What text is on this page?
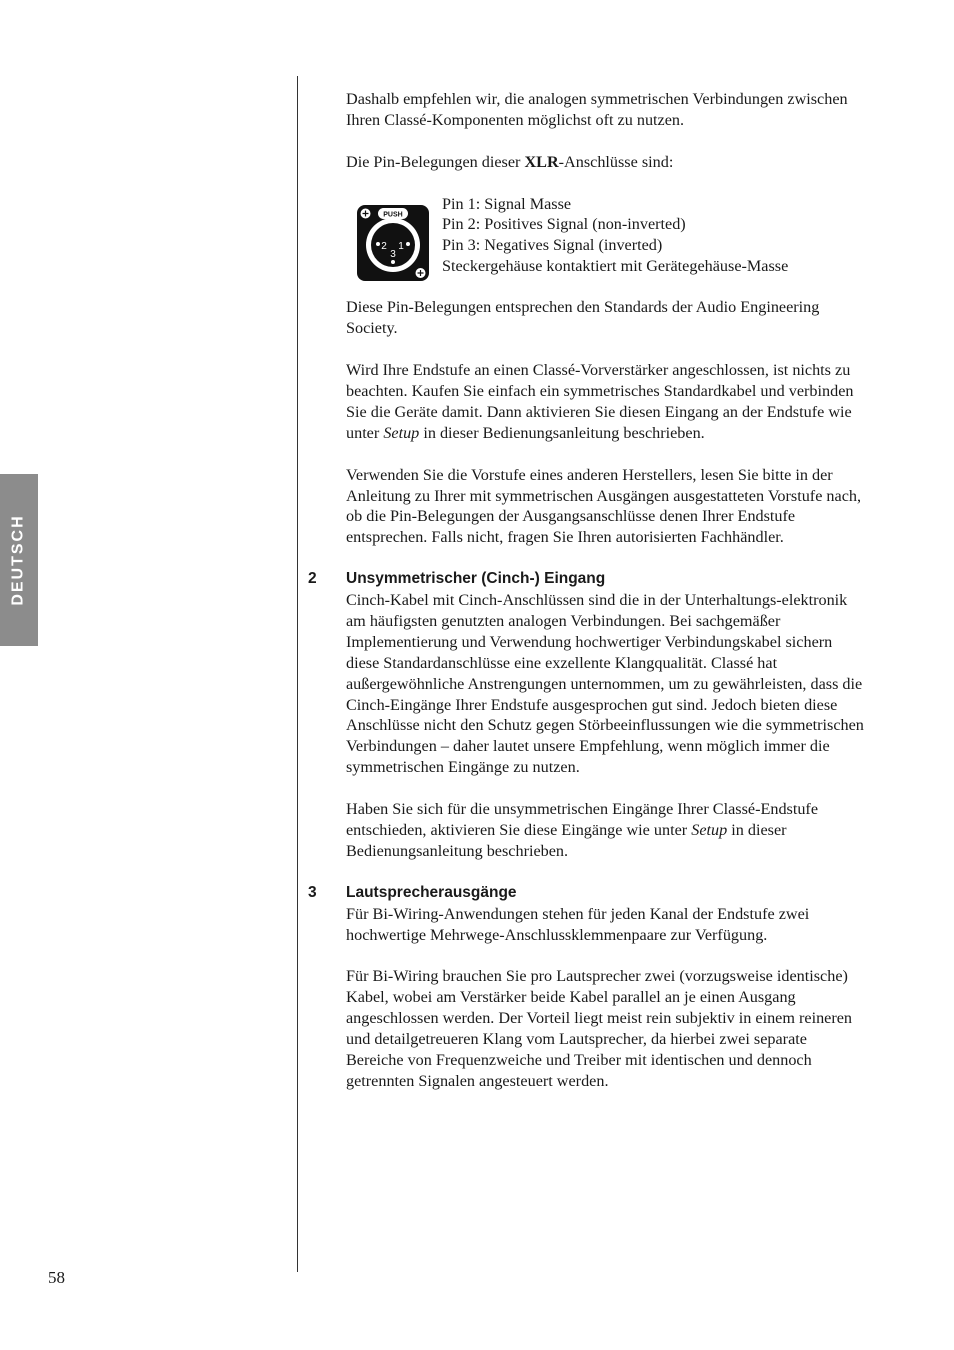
DEUTSCH
58

Dashalb empfehlen wir, die analogen symmetrischen Verbindungen zwischen Ihren Classé-Komponenten möglichst oft zu nutzen.

Die Pin-Belegungen dieser XLR-Anschlüsse sind:

PUSH
2 1
3
Pin 1: Signal Masse
Pin 2: Positives Signal (non-inverted)
Pin 3: Negatives Signal (inverted)
Steckergehäuse kontaktiert mit Gerätegehäuse-Masse

Diese Pin-Belegungen entsprechen den Standards der Audio Engineering Society.

Wird Ihre Endstufe an einen Classé-Vorverstärker angeschlossen, ist nichts zu beachten. Kaufen Sie einfach ein symmetrisches Standardkabel und verbinden Sie die Geräte damit. Dann aktivieren Sie diesen Eingang an der Endstufe wie unter Setup in dieser Bedienungsanleitung beschrieben.

Verwenden Sie die Vorstufe eines anderen Herstellers, lesen Sie bitte in der Anleitung zu Ihrer mit symmetrischen Ausgängen ausgestatteten Vorstufe nach, ob die Pin-Belegungen der Ausgangsanschlüsse denen Ihrer Endstufe entsprechen. Falls nicht, fragen Sie Ihren autorisierten Fachhändler.

2 Unsymmetrischer (Cinch-) Eingang

Cinch-Kabel mit Cinch-Anschlüssen sind die in der Unterhaltungs-elektronik am häufigsten genutzten analogen Verbindungen. Bei sachgemäßer Implementierung und Verwendung hochwertiger Verbindungskabel sichern diese Standardanschlüsse eine exzellente Klangqualität. Classé hat außergewöhnliche Anstrengungen unternommen, um zu gewährleisten, dass die Cinch-Eingänge Ihrer Endstufe ausgesprochen gut sind. Jedoch bieten diese Anschlüsse nicht den Schutz gegen Störbeeinflussungen wie die symmetrischen Verbindungen – daher lautet unsere Empfehlung, wenn möglich immer die symmetrischen Eingänge zu nutzen.

Haben Sie sich für die unsymmetrischen Eingänge Ihrer Classé-Endstufe entschieden, aktivieren Sie diese Eingänge wie unter Setup in dieser Bedienungsanleitung beschrieben.

3 Lautsprecherausgänge

Für Bi-Wiring-Anwendungen stehen für jeden Kanal der Endstufe zwei hochwertige Mehrwege-Anschlussklemmenpaare zur Verfügung.

Für Bi-Wiring brauchen Sie pro Lautsprecher zwei (vorzugsweise identische) Kabel, wobei am Verstärker beide Kabel parallel an je einen Ausgang angeschlossen werden. Der Vorteil liegt meist rein subjektiv in einem reineren und detailgetreueren Klang vom Lautsprecher, da hierbei zwei separate Bereiche von Frequenzweiche und Treiber mit identischen und dennoch getrennten Signalen angesteuert werden.
